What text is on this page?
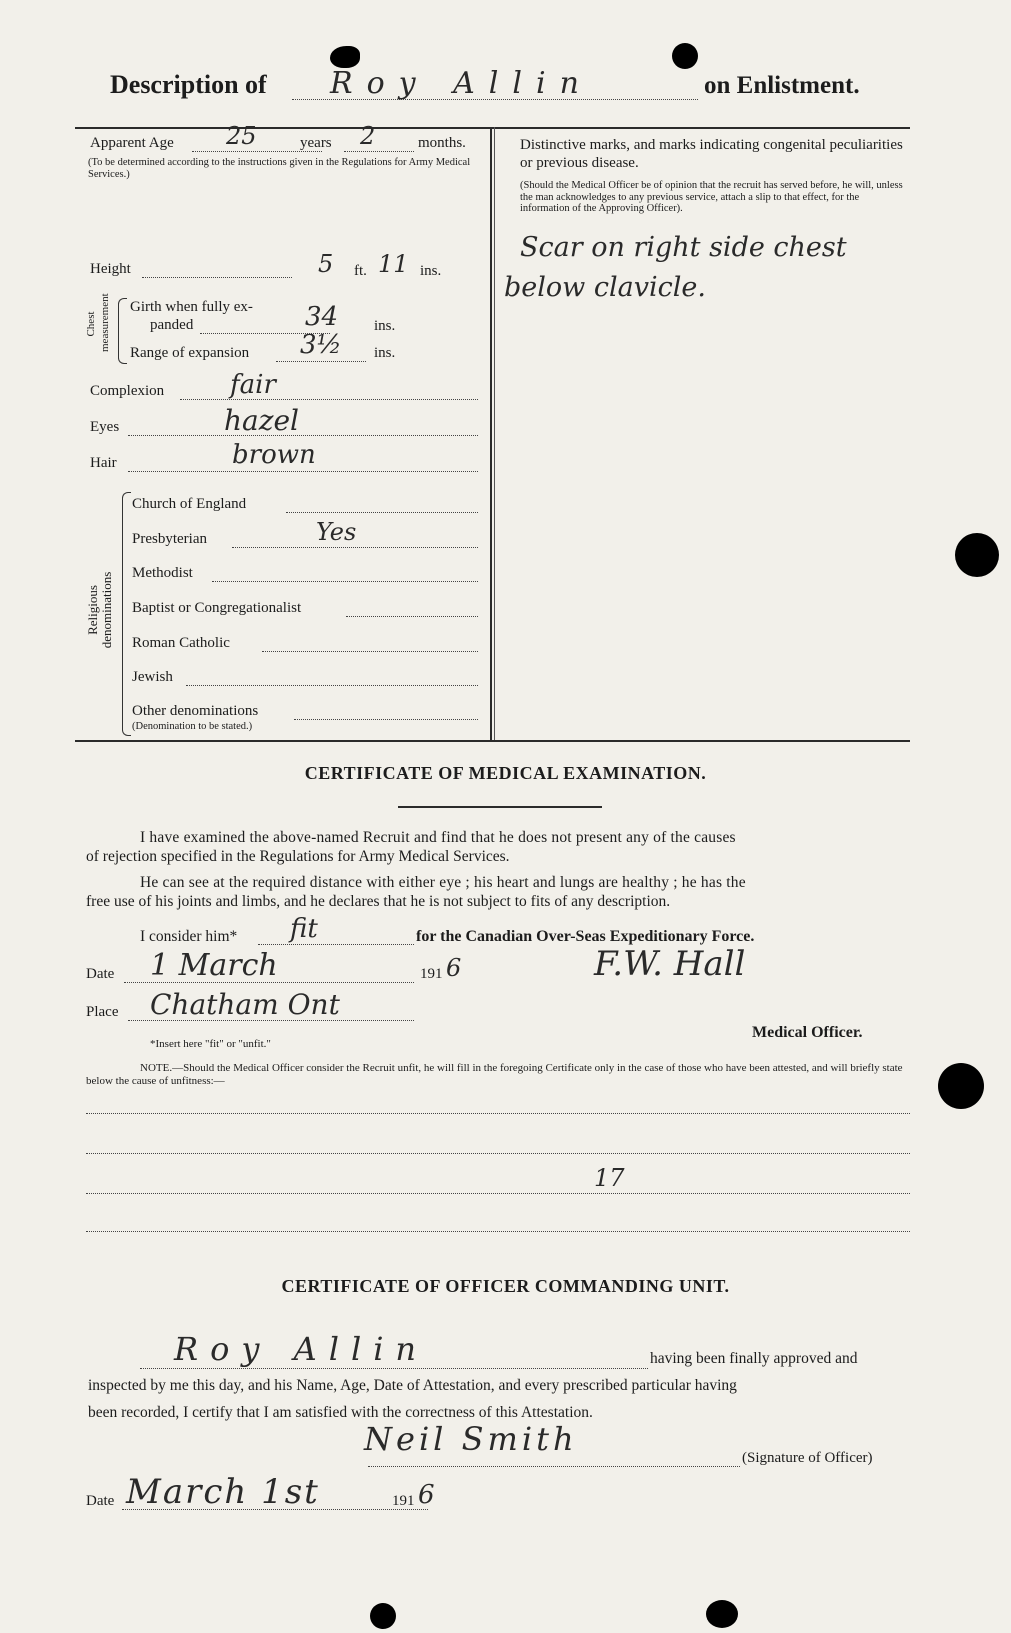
Description of Roy Allin	on Enlistment.
Apparent Age 25	years 2	months.
(To be determined according to the instructions given in the Regulations for Army Medical Services.)
Height	5 ft. 11 ins.
Chest measurement Girth when fully ex-
panded	34 ins.
Range of expansion 3½ ins.
Complexion	fair
Eyes	hazel
Hair	brown
Religious denominations
Church of England
Presbyterian	Yes
Methodist
Baptist or Congregationalist
Roman Catholic
Jewish
Other denominations
(Denomination to be stated.)
Distinctive marks, and marks indicating congenital peculiarities or previous disease.
(Should the Medical Officer be of opinion that the recruit has served before, he will, unless the man acknowledges to any previous service, attach a slip to that effect, for the information of the Approving Officer).
Scar on right side chest
below clavicle.
CERTIFICATE OF MEDICAL EXAMINATION.
I have examined the above-named Recruit and find that he does not present any of the causes
of rejection specified in the Regulations for Army Medical Services.
He can see at the required distance with either eye ; his heart and lungs are healthy ; he has the
free use of his joints and limbs, and he declares that he is not subject to fits of any description.
I consider him* fit	for the Canadian Over-Seas Expeditionary Force.
Date 1 March	191 6	F.W. Hall
Place Chatham Ont
*Insert here "fit" or "unfit."
Medical Officer.
NOTE.—Should the Medical Officer consider the Recruit unfit, he will fill in the foregoing Certificate only in the case of those who have been attested, and will briefly state below the cause of unfitness:—
17
CERTIFICATE OF OFFICER COMMANDING UNIT.
Roy Allin	having been finally approved and
inspected by me this day, and his Name, Age, Date of Attestation, and every prescribed particular having
been recorded, I certify that I am satisfied with the correctness of this Attestation.
Neil Smith	(Signature of Officer)
Date March 1st	191 6
